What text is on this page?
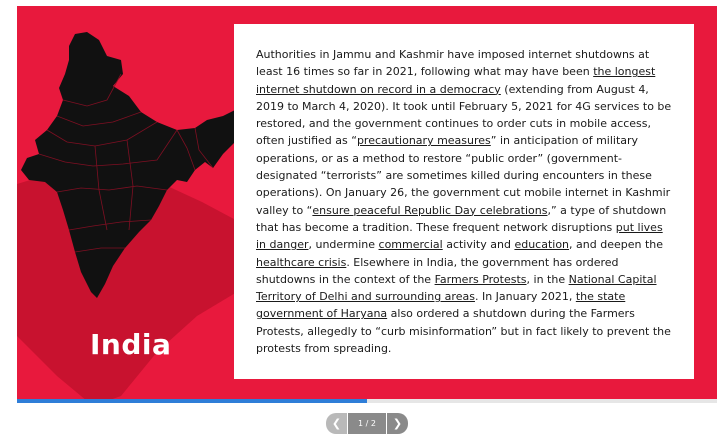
India

Authorities in Jammu and Kashmir have imposed internet shutdowns at least 16 times so far in 2021, following what may have been the longest internet shutdown on record in a democracy (extending from August 4, 2019 to March 4, 2020). It took until February 5, 2021 for 4G services to be restored, and the government continues to order cuts in mobile access, often justified as “precautionary measures” in anticipation of military operations, or as a method to restore “public order” (government-designated “terrorists” are sometimes killed during encounters in these operations). On January 26, the government cut mobile internet in Kashmir valley to “ensure peaceful Republic Day celebrations,” a type of shutdown that has become a tradition. These frequent network disruptions put lives in danger, undermine commercial activity and education, and deepen the healthcare crisis. Elsewhere in India, the government has ordered shutdowns in the context of the Farmers Protests, in the National Capital Territory of Delhi and surrounding areas. In January 2021, the state government of Haryana also ordered a shutdown during the Farmers Protests, allegedly to “curb misinformation” but in fact likely to prevent the protests from spreading.

❮	1 / 2	❯
